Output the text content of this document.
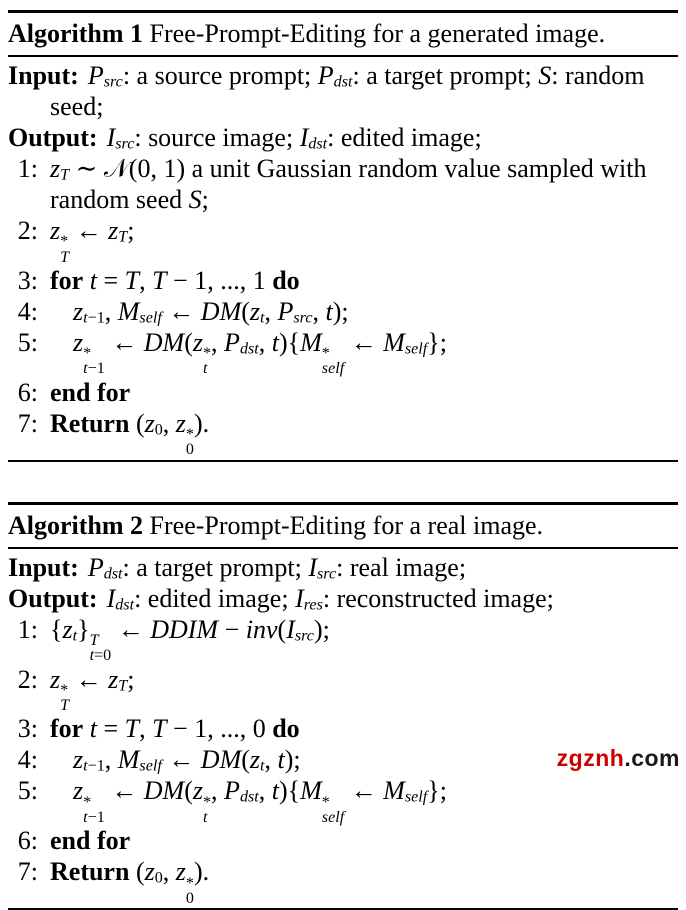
Algorithm 1 Free-Prompt-Editing for a generated image.
Input: $P_{src}$: a source prompt; $P_{dst}$: a target prompt; S: random
seed;
Output: $I_{src}$: source image; $I_{dst}$: edited image;
1: $z_T$ ∼ 𝒩(0, 1) a unit Gaussian random value sampled with
random seed S;
2: z *
T
← $z_T$;
3: for t = T, T − 1, ..., 1 do
4: $z_{t-1}$, $M_{self}$ ← $DM(z_t$, $P_{src}$, t);
5: z *
t−1
← DM(z *
t
, $P_{dst}$, t){M *
self
← $M_{self}$};
6: end for
7: Return ($z_0$, z *
0
).
Algorithm 2 Free-Prompt-Editing for a real image.
Input: $P_{dst}$: a target prompt; $I_{src}$: real image;
Output: $I_{dst}$: edited image; $I_{res}$: reconstructed image;
1: $\{z_t\}$ T
t=0
← DDIM − $inv(I_{src})$;
2: z *
T
← $z_T$;
3: for t = T, T − 1, ..., 0 do
4: $z_{t-1}$, $M_{self}$ ← $DM(z_t$, t);
5: z *
t−1
← DM(z *
t
, $P_{dst}$, t){M *
self
← $M_{self}$};
6: end for
7: Return ($z_0$, z *
0
).
zgznh.com
